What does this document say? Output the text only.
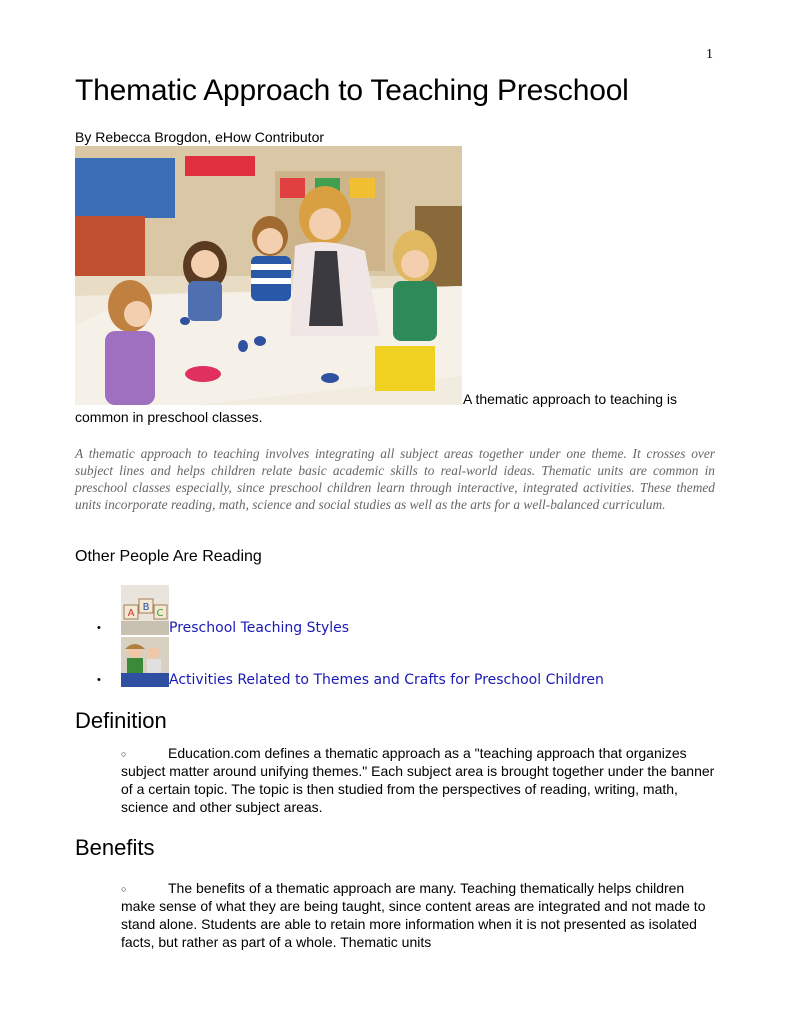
1
Thematic Approach to Teaching Preschool
By Rebecca Brogdon, eHow Contributor
A thematic approach to teaching is
common in preschool classes.

A thematic approach to teaching involves integrating all subject areas together under one theme. It crosses over subject lines and helps children relate basic academic skills to real-world ideas. Thematic units are common in preschool classes especially, since preschool children learn through interactive, integrated activities. These themed units incorporate reading, math, science and social studies as well as the arts for a well-balanced curriculum.

Other People Are Reading
•
A
B
C
Preschool Teaching Styles
•	Activities Related to Themes and Crafts for Preschool Children
Definition
○	Education.com defines a thematic approach as a "teaching approach that organizes subject matter around unifying themes." Each subject area is brought together under the banner of a certain topic. The topic is then studied from the perspectives of reading, writing, math, science and other subject areas.

Benefits
○	The benefits of a thematic approach are many. Teaching thematically helps children make sense of what they are being taught, since content areas are integrated and not made to stand alone. Students are able to retain more information when it is not presented as isolated facts, but rather as part of a whole. Thematic units
